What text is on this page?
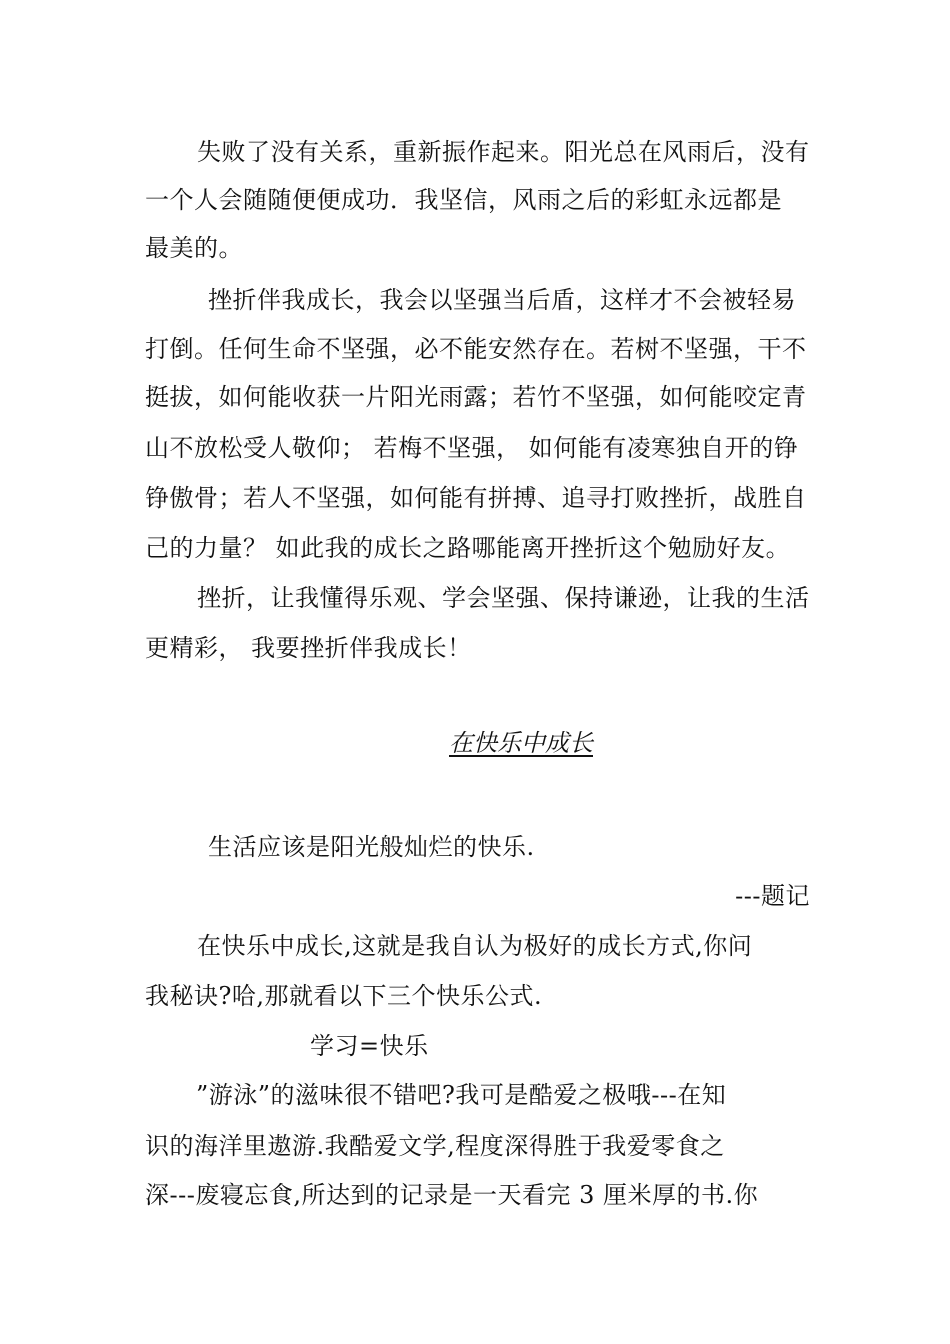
失败了没有关系，重新振作起来。阳光总在风雨后，没有
一个人会随随便便成功．我坚信，风雨之后的彩虹永远都是
最美的。
挫折伴我成长，我会以坚强当后盾，这样才不会被轻易
打倒。任何生命不坚强，必不能安然存在。若树不坚强，干不
挺拔，如何能收获一片阳光雨露；若竹不坚强，如何能咬定青
山不放松受人敬仰； 若梅不坚强， 如何能有凌寒独自开的铮
铮傲骨；若人不坚强，如何能有拼搏、追寻打败挫折，战胜自
己的力量？ 如此我的成长之路哪能离开挫折这个勉励好友。
挫折，让我懂得乐观、学会坚强、保持谦逊，让我的生活
更精彩， 我要挫折伴我成长！
在快乐中成长
生活应该是阳光般灿烂的快乐.
---题记
在快乐中成长,这就是我自认为极好的成长方式,你问
我秘诀?哈,那就看以下三个快乐公式.
学习=快乐
”游泳”的滋味很不错吧?我可是酷爱之极哦---在知
识的海洋里遨游.我酷爱文学,程度深得胜于我爱零食之
深---废寝忘食,所达到的记录是一天看完 3 厘米厚的书.你
